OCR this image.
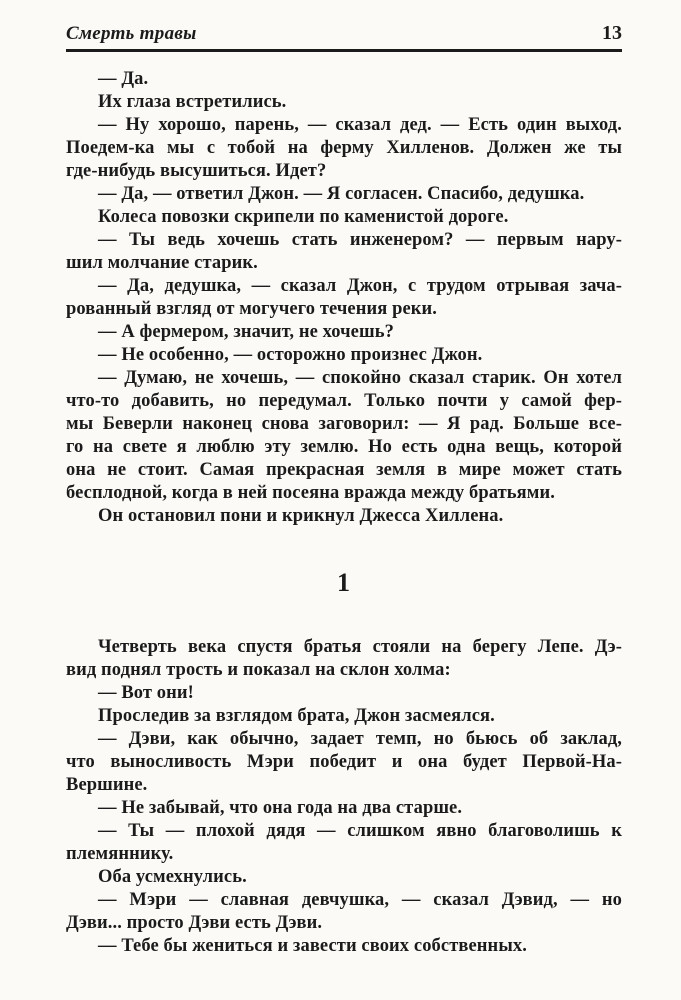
Смерть травы	13

— Да.

Их глаза встретились.

— Ну хорошо, парень, — сказал дед. — Есть один выход.
Поедем-ка мы с тобой на ферму Хилленов. Должен же ты
где-нибудь высушиться. Идет?

— Да, — ответил Джон. — Я согласен. Спасибо, дедушка.

Колеса повозки скрипели по каменистой дороге.

— Ты ведь хочешь стать инженером? — первым нару-
шил молчание старик.

— Да, дедушка, — сказал Джон, с трудом отрывая зача-
рованный взгляд от могучего течения реки.

— А фермером, значит, не хочешь?

— Не особенно, — осторожно произнес Джон.

— Думаю, не хочешь, — спокойно сказал старик. Он хотел
что-то добавить, но передумал. Только почти у самой фер-
мы Беверли наконец снова заговорил: — Я рад. Больше все-
го на свете я люблю эту землю. Но есть одна вещь, которой
она не стоит. Самая прекрасная земля в мире может стать
бесплодной, когда в ней посеяна вражда между братьями.

Он остановил пони и крикнул Джесса Хиллена.

1

Четверть века спустя братья стояли на берегу Лепе. Дэ-
вид поднял трость и показал на склон холма:

— Вот они!

Проследив за взглядом брата, Джон засмеялся.

— Дэви, как обычно, задает темп, но бьюсь об заклад,
что выносливость Мэри победит и она будет Первой-На-
Вершине.

— Не забывай, что она года на два старше.

— Ты — плохой дядя — слишком явно благоволишь к
племяннику.

Оба усмехнулись.

— Мэри — славная девчушка, — сказал Дэвид, — но
Дэви... просто Дэви есть Дэви.

— Тебе бы жениться и завести своих собственных.
